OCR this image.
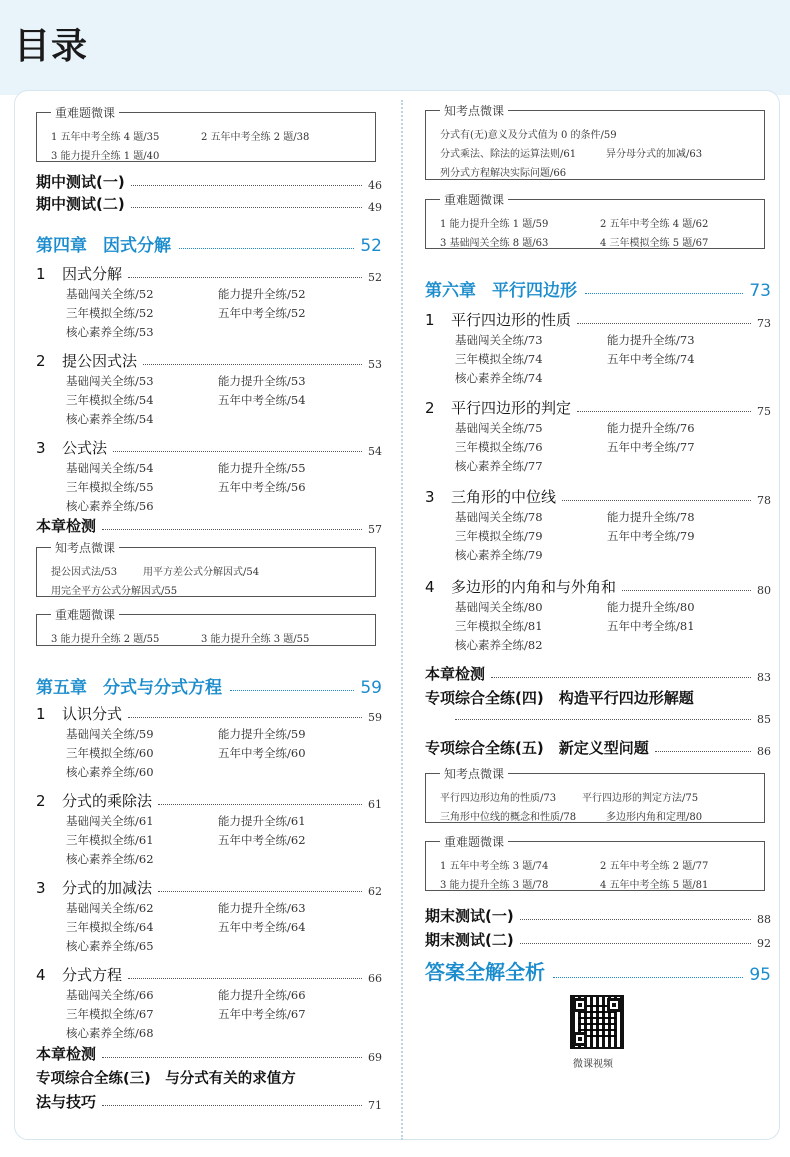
目录
重难题微课
1 五年中考全练 4 题/35	2 五年中考全练 2 题/38
3 能力提升全练 1 题/40
期中测试(一)	46
期中测试(二)	49
第四章 因式分解	52
1 因式分解	52
基础闯关全练/52	能力提升全练/52
三年模拟全练/52	五年中考全练/52
核心素养全练/53
2 提公因式法	53
基础闯关全练/53	能力提升全练/53
三年模拟全练/54	五年中考全练/54
核心素养全练/54
3 公式法	54
基础闯关全练/54	能力提升全练/55
三年模拟全练/55	五年中考全练/56
核心素养全练/56
本章检测	57
知考点微课
提公因式法/53	用平方差公式分解因式/54
用完全平方公式分解因式/55
重难题微课
3 能力提升全练 2 题/55	3 能力提升全练 3 题/55
第五章 分式与分式方程	59
1 认识分式	59
基础闯关全练/59	能力提升全练/59
三年模拟全练/60	五年中考全练/60
核心素养全练/60
2 分式的乘除法	61
基础闯关全练/61	能力提升全练/61
三年模拟全练/61	五年中考全练/62
核心素养全练/62
3 分式的加减法	62
基础闯关全练/62	能力提升全练/63
三年模拟全练/64	五年中考全练/64
核心素养全练/65
4 分式方程	66
基础闯关全练/66	能力提升全练/66
三年模拟全练/67	五年中考全练/67
核心素养全练/68
本章检测	69
专项综合全练(三)　与分式有关的求值方
法与技巧	71
知考点微课
分式有(无)意义及分式值为 0 的条件/59
分式乘法、除法的运算法则/61	异分母分式的加减/63
列分式方程解决实际问题/66
重难题微课
1 能力提升全练 1 题/59	2 五年中考全练 4 题/62
3 基础闯关全练 8 题/63	4 三年模拟全练 5 题/67
第六章 平行四边形	73
1 平行四边形的性质	73
基础闯关全练/73	能力提升全练/73
三年模拟全练/74	五年中考全练/74
核心素养全练/74
2 平行四边形的判定	75
基础闯关全练/75	能力提升全练/76
三年模拟全练/76	五年中考全练/77
核心素养全练/77
3 三角形的中位线	78
基础闯关全练/78	能力提升全练/78
三年模拟全练/79	五年中考全练/79
核心素养全练/79
4 多边形的内角和与外角和	80
基础闯关全练/80	能力提升全练/80
三年模拟全练/81	五年中考全练/81
核心素养全练/82
本章检测	83
专项综合全练(四)　构造平行四边形解题
85
专项综合全练(五)　新定义型问题	86
知考点微课
平行四边形边角的性质/73	平行四边形的判定方法/75
三角形中位线的概念和性质/78	多边形内角和定理/80
重难题微课
1 五年中考全练 3 题/74	2 五年中考全练 2 题/77
3 能力提升全练 3 题/78	4 五年中考全练 5 题/81
期末测试(一)	88
期末测试(二)	92
答案全解全析	95
微课视频
